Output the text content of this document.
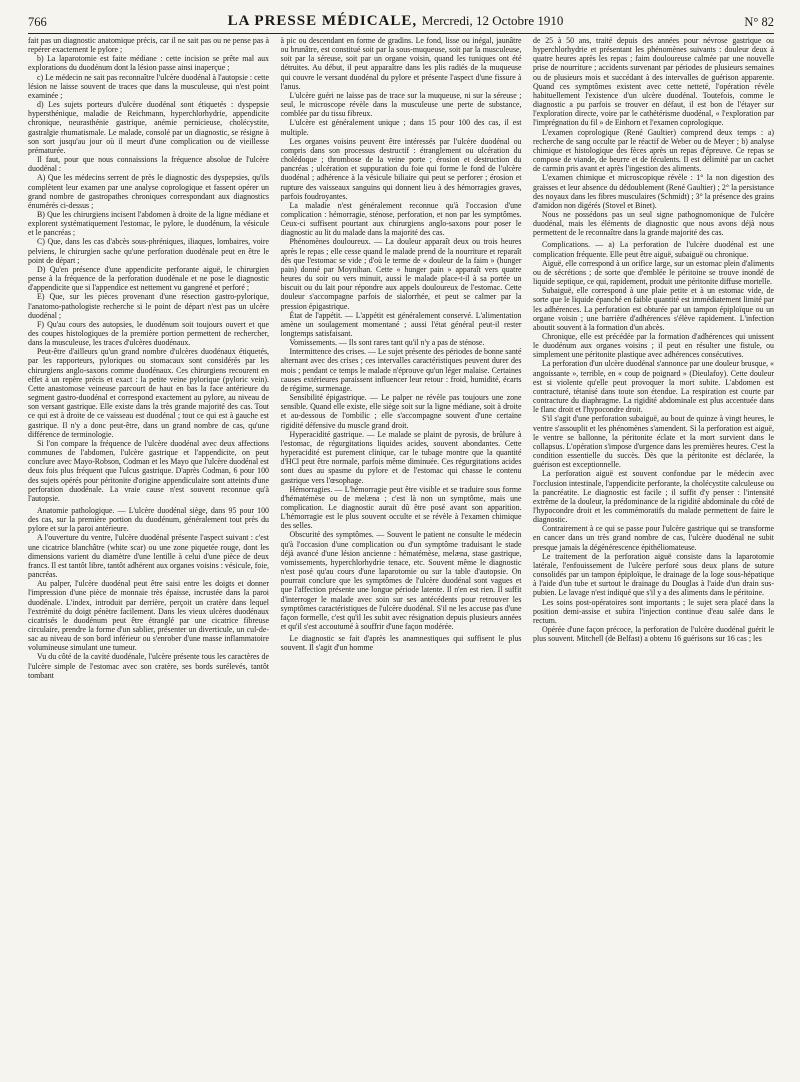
766	LA PRESSE MÉDICALE, Mercredi, 12 Octobre 1910	N° 82

fait pas un diagnostic anatomique précis, car il ne sait pas ou ne pense pas à repérer exactement le pylore ;

b) La laparotomie est faite médiane : cette incision se prête mal aux explorations du duodénum dont la lésion passe ainsi inaperçue ;

c) Le médecin ne sait pas reconnaître l'ulcère duodénal à l'autopsie : cette lésion ne laisse souvent de traces que dans la musculeuse, qui n'est point examinée ;

d) Les sujets porteurs d'ulcère duodénal sont étiquetés : dyspepsie hypersthénique, maladie de Reichmann, hyperchlorhydrie, appendicite chronique, neurasthénie gastrique, anémie pernicieuse, cholécystite, gastralgie rhumatismale. Le malade, consolé par un diagnostic, se résigne à son sort jusqu'au jour où il meurt d'une complication ou de vieillesse prématurée.

Il faut, pour que nous connaissions la fréquence absolue de l'ulcère duodénal :

A) Que les médecins serrent de près le diagnostic des dyspepsies, qu'ils complètent leur examen par une analyse coprologique et fassent opérer un grand nombre de gastropathes chroniques correspondant aux diagnostics énumérés ci-dessus ;

B) Que les chirurgiens incisent l'abdomen à droite de la ligne médiane et explorent systématiquement l'estomac, le pylore, le duodénum, la vésicule et le pancréas ;

C) Que, dans les cas d'abcès sous-phréniques, iliaques, lombaires, voire pelviens, le chirurgien sache qu'une perforation duodénale peut en être le point de départ ;

D) Qu'en présence d'une appendicite perforante aiguë, le chirurgien pense à la fréquence de la perforation duodénale et ne pose le diagnostic d'appendicite que si l'appendice est nettement vu gangrené et perforé ;

E) Que, sur les pièces provenant d'une résection gastro-pylorique, l'anatomo-pathologiste recherche si le point de départ n'est pas un ulcère duodénal ;

F) Qu'au cours des autopsies, le duodénum soit toujours ouvert et que des coupes histologiques de la première portion permettent de rechercher, dans la musculeuse, les traces d'ulcères duodénaux.

Peut-être d'ailleurs qu'un grand nombre d'ulcères duodénaux étiquetés, par les rapporteurs, pyloriques ou stomacaux sont considérés par les chirurgiens anglo-saxons comme duodénaux. Ces chirurgiens recourent en effet à un repère précis et exact : la petite veine pylorique (pyloric vein). Cette anastomose veineuse parcourt de haut en bas la face antérieure du segment gastro-duodénal et correspond exactement au pylore, au niveau de son versant gastrique. Elle existe dans la très grande majorité des cas. Tout ce qui est à droite de ce vaisseau est duodénal ; tout ce qui est à gauche est gastrique. Il n'y a donc peut-être, dans un grand nombre de cas, qu'une différence de terminologie.

Si l'on compare la fréquence de l'ulcère duodénal avec deux affections communes de l'abdomen, l'ulcère gastrique et l'appendicite, on peut conclure avec Mayo-Robson, Codman et les Mayo que l'ulcère duodénal est deux fois plus fréquent que l'ulcus gastrique. D'après Codman, 6 pour 100 des sujets opérés pour péritonite d'origine appendiculaire sont atteints d'une perforation duodénale. La vraie cause n'est souvent reconnue qu'à l'autopsie.

Anatomie pathologique. — L'ulcère duodénal siège, dans 95 pour 100 des cas, sur la première portion du duodénum, généralement tout près du pylore et sur la paroi antérieure.

A l'ouverture du ventre, l'ulcère duodénal présente l'aspect suivant : c'est une cicatrice blanchâtre (white scar) ou une zone piquetée rouge, dont les dimensions varient du diamètre d'une lentille à celui d'une pièce de deux francs. Il est tantôt libre, tantôt adhérent aux organes voisins : vésicule, foie, pancréas.

Au palper, l'ulcère duodénal peut être saisi entre les doigts et donner l'impression d'une pièce de monnaie très épaisse, incrustée dans la paroi duodénale. L'index, introduit par derrière, perçoit un cratère dans lequel l'extrémité du doigt pénètre facilement. Dans les vieux ulcères duodénaux cicatrisés le duodénum peut être étranglé par une cicatrice fibreuse circulaire, prendre la forme d'un sablier, présenter un diverticule, un cul-de-sac au niveau de son bord inférieur ou s'enrober d'une masse inflammatoire volumineuse simulant une tumeur.

Vu du côté de la cavité duodénale, l'ulcère présente tous les caractères de l'ulcère simple de l'estomac avec son cratère, ses bords surélevés, tantôt tombant

à pic ou descendant en forme de gradins. Le fond, lisse ou inégal, jaunâtre ou brunâtre, est constitué soit par la sous-muqueuse, soit par la musculeuse, soit par la séreuse, soit par un organe voisin, quand les tuniques ont été détruites. Au début, il peut apparaître dans les plis radiés de la muqueuse qui couvre le versant duodénal du pylore et présente l'aspect d'une fissure à l'anus.

L'ulcère guéri ne laisse pas de trace sur la muqueuse, ni sur la séreuse ; seul, le microscope révèle dans la musculeuse une perte de substance, comblée par du tissu fibreux.

L'ulcère est généralement unique ; dans 15 pour 100 des cas, il est multiple.

Les organes voisins peuvent être intéressés par l'ulcère duodénal ou compris dans son processus destructif : étranglement ou ulcération du cholédoque ; thrombose de la veine porte ; érosion et destruction du pancréas ; ulcération et suppuration du foie qui forme le fond de l'ulcère duodénal ; adhérence à la vésicule biliaire qui peut se perforer ; érosion et rupture des vaisseaux sanguins qui donnent lieu à des hémorragies graves, parfois foudroyantes.

La maladie n'est généralement reconnue qu'à l'occasion d'une complication : hémorragie, sténose, perforation, et non par les symptômes. Ceux-ci suffisent pourtant aux chirurgiens anglo-saxons pour poser le diagnostic au lit du malade dans la majorité des cas.

Phénomènes douloureux. — La douleur apparaît deux ou trois heures après le repas ; elle cesse quand le malade prend de la nourriture et reparaît dès que l'estomac se vide ; d'où le terme de « douleur de la faim » (hunger pain) donné par Moynihan. Cette « hunger pain » apparaît vers quatre heures du soir ou vers minuit, aussi le malade place-t-il à sa portée un biscuit ou du lait pour répondre aux appels douloureux de l'estomac. Cette douleur s'accompagne parfois de sialorrhée, et peut se calmer par la pression épigastrique.

État de l'appétit. — L'appétit est généralement conservé. L'alimentation amène un soulagement momentané ; aussi l'état général peut-il rester longtemps satisfaisant.

Vomissements. — Ils sont rares tant qu'il n'y a pas de sténose.

Intermittence des crises. — Le sujet présente des périodes de bonne santé alternant avec des crises ; ces intervalles caractéristiques peuvent durer des mois ; pendant ce temps le malade n'éprouve qu'un léger malaise. Certaines causes extérieures paraissent influencer leur retour : froid, humidité, écarts de régime, surmenage.

Sensibilité épigastrique. — Le palper ne révèle pas toujours une zone sensible. Quand elle existe, elle siège soit sur la ligne médiane, soit à droite et au-dessous de l'ombilic ; elle s'accompagne souvent d'une certaine rigidité défensive du muscle grand droit.

Hyperacidité gastrique. — Le malade se plaint de pyrosis, de brûlure à l'estomac, de régurgitations liquides acides, souvent abondantes. Cette hyperacidité est purement clinique, car le tubage montre que la quantité d'HCl peut être normale, parfois même diminuée. Ces régurgitations acides sont dues au spasme du pylore et de l'estomac qui chasse le contenu gastrique vers l'œsophage.

Hémorragies. — L'hémorragie peut être visible et se traduire sous forme d'hématémèse ou de melæna ; c'est là non un symptôme, mais une complication. Le diagnostic aurait dû être posé avant son apparition. L'hémorragie est le plus souvent occulte et se révèle à l'examen chimique des selles.

Obscurité des symptômes. — Souvent le patient ne consulte le médecin qu'à l'occasion d'une complication ou d'un symptôme traduisant le stade déjà avancé d'une lésion ancienne : hématémèse, melæna, stase gastrique, vomissements, hyperchlorhydrie tenace, etc. Souvent même le diagnostic n'est posé qu'au cours d'une laparotomie ou sur la table d'autopsie. On pourrait conclure que les symptômes de l'ulcère duodénal sont vagues et que l'affection présente une longue période latente. Il n'en est rien. Il suffit d'interroger le malade avec soin sur ses antécédents pour retrouver les symptômes caractéristiques de l'ulcère duodénal. S'il ne les accuse pas d'une façon formelle, c'est qu'il les subit avec résignation depuis plusieurs années et qu'il s'est accoutumé à souffrir d'une façon modérée.

Le diagnostic se fait d'après les anamnestiques qui suffisent le plus souvent. Il s'agit d'un homme

de 25 à 50 ans, traité depuis des années pour névrose gastrique ou hyperchlorhydrie et présentant les phénomènes suivants : douleur deux à quatre heures après les repas ; faim douloureuse calmée par une nouvelle prise de nourriture ; accidents survenant par périodes de plusieurs semaines ou de plusieurs mois et succédant à des intervalles de guérison apparente. Quand ces symptômes existent avec cette netteté, l'opération révèle habituellement l'existence d'un ulcère duodénal. Toutefois, comme le diagnostic a pu parfois se trouver en défaut, il est bon de l'étayer sur l'exploration directe, voire par le cathétérisme duodénal, « l'exploration par l'imprégnation du fil » de Einhorn et l'examen coprologique.

L'examen coprologique (René Gaultier) comprend deux temps : a) recherche de sang occulte par le réactif de Weber ou de Meyer ; b) analyse chimique et histologique des fèces après un repas d'épreuve. Ce repas se compose de viande, de beurre et de féculents. Il est délimité par un cachet de carmin pris avant et après l'ingestion des aliments.

L'examen chimique et microscopique révèle : 1° la non digestion des graisses et leur absence du dédoublement (René Gaultier) ; 2° la persistance des noyaux dans les fibres musculaires (Schmidt) ; 3° la présence des grains d'amidon non digérés (Stovel et Binet).

Nous ne possédons pas un seul signe pathognomonique de l'ulcère duodénal, mais les éléments de diagnostic que nous avons déjà nous permettent de le reconnaître dans la grande majorité des cas.

Complications. — a) La perforation de l'ulcère duodénal est une complication fréquente. Elle peut être aiguë, subaiguë ou chronique.

Aiguë, elle correspond à un orifice large, sur un estomac plein d'aliments ou de sécrétions ; de sorte que d'emblée le péritoine se trouve inondé de liquide septique, ce qui, rapidement, produit une péritonite diffuse mortelle.

Subaiguë, elle correspond à une plaie petite et à un estomac vide, de sorte que le liquide épanché en faible quantité est immédiatement limité par les adhérences. La perforation est obturée par un tampon épiploïque ou un organe voisin ; une barrière d'adhérences s'élève rapidement. L'infection aboutit souvent à la formation d'un abcès.

Chronique, elle est précédée par la formation d'adhérences qui unissent le duodénum aux organes voisins ; il peut en résulter une fistule, ou simplement une péritonite plastique avec adhérences consécutives.

La perforation d'un ulcère duodénal s'annonce par une douleur brusque, « angoissante », terrible, en « coup de poignard » (Dieulafoy). Cette douleur est si violente qu'elle peut provoquer la mort subite. L'abdomen est contracturé, tétanisé dans toute son étendue. La respiration est courte par contracture du diaphragme. La rigidité abdominale est plus accentuée dans le flanc droit et l'hypocondre droit.

S'il s'agit d'une perforation subaiguë, au bout de quinze à vingt heures, le ventre s'assouplit et les phénomènes s'amendent. Si la perforation est aiguë, le ventre se ballonne, la péritonite éclate et la mort survient dans le collapsus. L'opération s'impose d'urgence dans les premières heures. C'est la condition essentielle du succès. Dès que la péritonite est déclarée, la guérison est exceptionnelle.

La perforation aiguë est souvent confondue par le médecin avec l'occlusion intestinale, l'appendicite perforante, la cholécystite calculeuse ou la pancréatite. Le diagnostic est facile ; il suffit d'y penser : l'intensité extrême de la douleur, la prédominance de la rigidité abdominale du côté de l'hypocondre droit et les commémoratifs du malade permettent de faire le diagnostic.

Contrairement à ce qui se passe pour l'ulcère gastrique qui se transforme en cancer dans un très grand nombre de cas, l'ulcère duodénal ne subit presque jamais la dégénérescence épithéliomateuse.

Le traitement de la perforation aiguë consiste dans la laparotomie latérale, l'enfouissement de l'ulcère perforé sous deux plans de suture consolidés par un tampon épiploïque, le drainage de la loge sous-hépatique à l'aide d'un tube et surtout le drainage du Douglas à l'aide d'un drain sus-pubien. Le lavage n'est indiqué que s'il y a des aliments dans le péritoine.

Les soins post-opératoires sont importants ; le sujet sera placé dans la position demi-assise et subira l'injection continue d'eau salée dans le rectum.

Opérée d'une façon précoce, la perforation de l'ulcère duodénal guérit le plus souvent. Mitchell (de Belfast) a obtenu 16 guérisons sur 16 cas ; les
